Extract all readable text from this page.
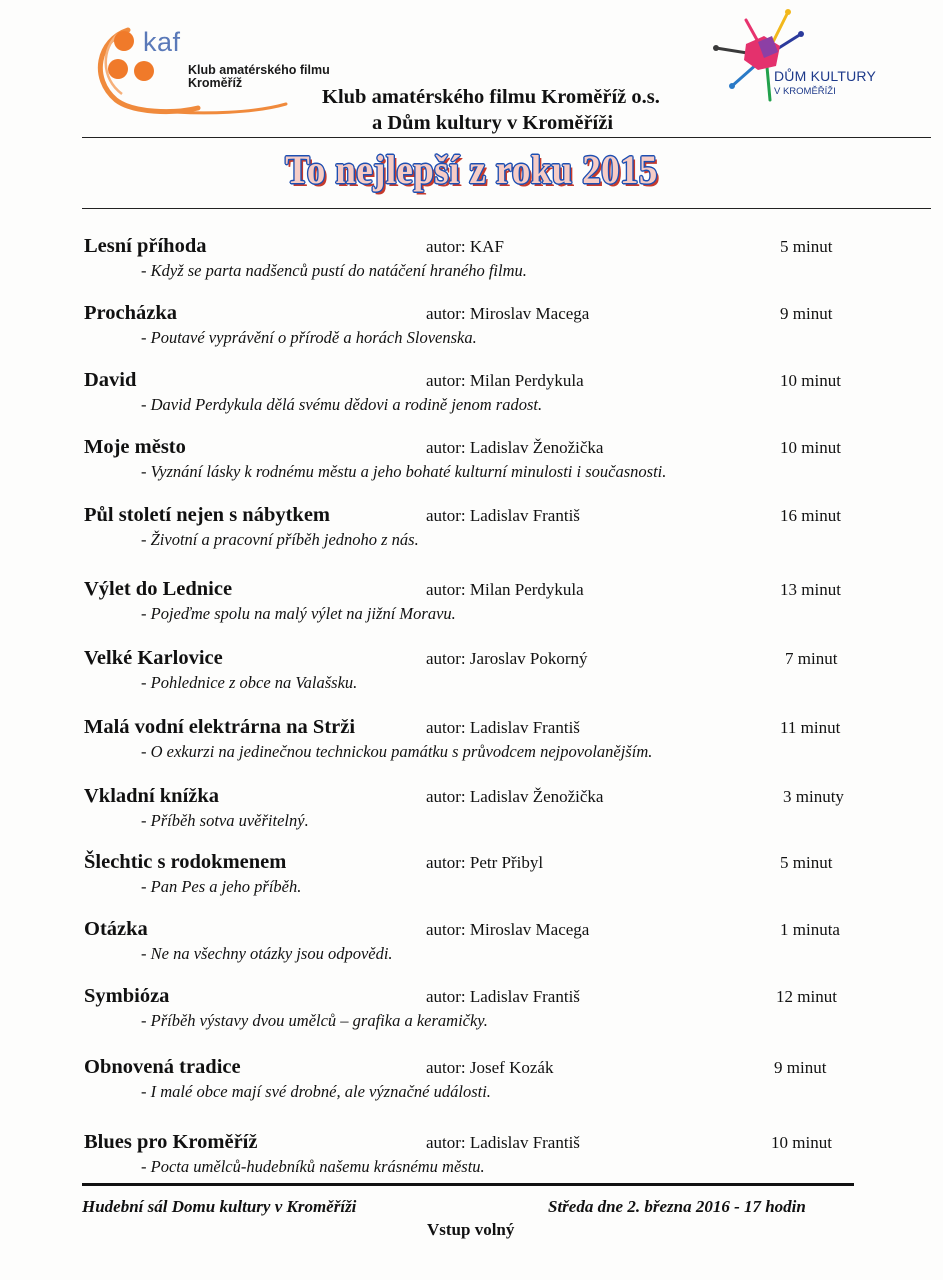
kaf
Klub amatérského filmu
Kroměříž	DŮM KULTURY
V KROMĚŘÍŽI
Klub amatérského filmu Kroměříž o.s.
a Dům kultury v Kroměříži
To nejlepší z roku 2015
Lesní příhoda	autor: KAF	5 minut
- Když se parta nadšenců pustí do natáčení hraného filmu.
Procházka	autor: Miroslav Macega	9 minut
- Poutavé vyprávění o přírodě a horách Slovenska.
David	autor: Milan Perdykula	10 minut
- David Perdykula dělá svému dědovi a rodině jenom radost.
Moje město	autor: Ladislav Ženožička	10 minut
- Vyznání lásky k rodnému městu a jeho bohaté kulturní minulosti i současnosti.
Půl století nejen s nábytkem	autor: Ladislav Františ	16 minut
- Životní a pracovní příběh jednoho z nás.
Výlet do Lednice	autor: Milan Perdykula	13 minut
- Pojeďme spolu na malý výlet na jižní Moravu.
Velké Karlovice	autor: Jaroslav Pokorný	7 minut
- Pohlednice z obce na Valašsku.
Malá vodní elektrárna na Strži	autor: Ladislav Františ	11 minut
- O exkurzi na jedinečnou technickou památku s průvodcem nejpovolanějším.
Vkladní knížka	autor: Ladislav Ženožička	3 minuty
- Příběh sotva uvěřitelný.
Šlechtic s rodokmenem	autor: Petr Přibyl	5 minut
- Pan Pes a jeho příběh.
Otázka	autor: Miroslav Macega	1 minuta
- Ne na všechny otázky jsou odpovědi.
Symbióza	autor: Ladislav Františ	12 minut
- Příběh výstavy dvou umělců – grafika a keramičky.
Obnovená tradice	autor: Josef Kozák	9 minut
- I malé obce mají své drobné, ale význačné události.
Blues pro Kroměříž	autor: Ladislav Františ	10 minut
- Pocta umělců-hudebníků našemu krásnému městu.
Hudební sál Domu kultury v Kroměříži	Středa dne 2. března 2016 - 17 hodin
Vstup volný
